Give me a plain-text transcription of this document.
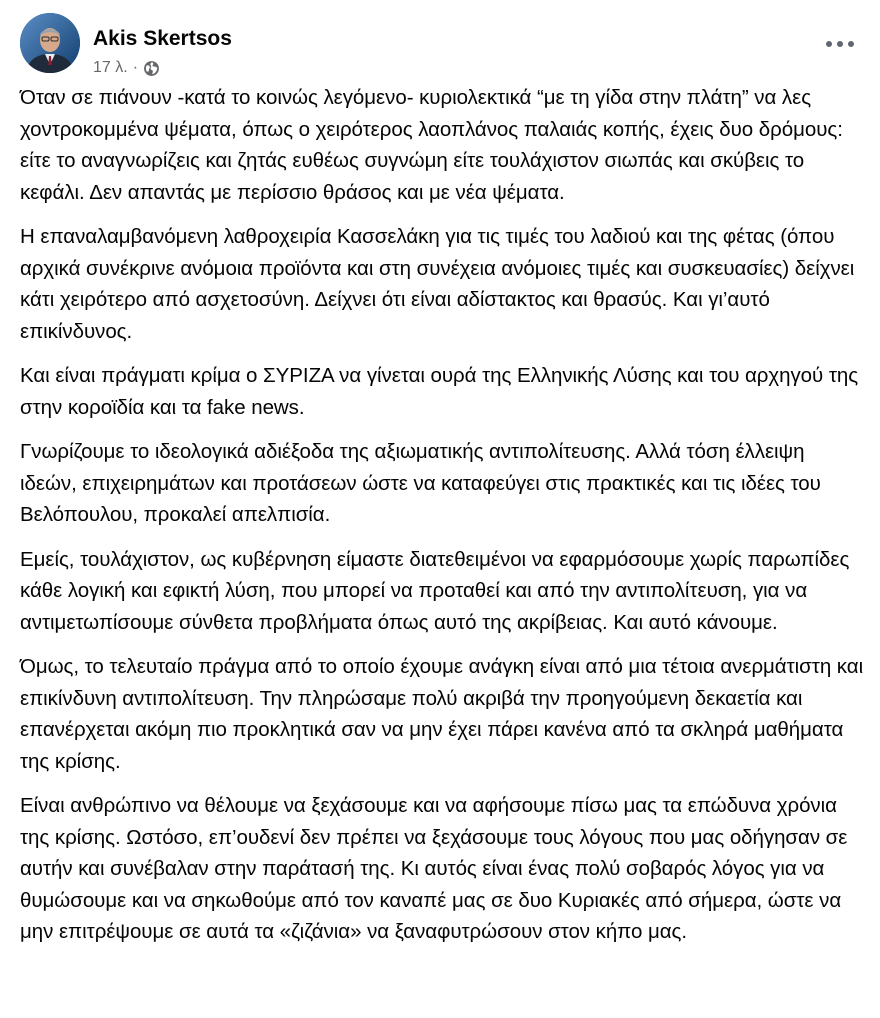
Akis Skertsos
17 λ. ·

Όταν σε πιάνουν -κατά το κοινώς λεγόμενο- κυριολεκτικά “με τη γίδα στην πλάτη” να λες χοντροκομμένα ψέματα, όπως ο χειρότερος λαοπλάνος παλαιάς κοπής, έχεις δυο δρόμους: είτε το αναγνωρίζεις και ζητάς ευθέως συγνώμη είτε τουλάχιστον σιωπάς και σκύβεις το κεφάλι. Δεν απαντάς με περίσσιο θράσος και με νέα ψέματα.

Η επαναλαμβανόμενη λαθροχειρία Κασσελάκη για τις τιμές του λαδιού και της φέτας (όπου αρχικά συνέκρινε ανόμοια προϊόντα και στη συνέχεια ανόμοιες τιμές και συσκευασίες) δείχνει κάτι χειρότερο από ασχετοσύνη. Δείχνει ότι είναι αδίστακτος και θρασύς. Και γι’αυτό επικίνδυνος.

Και είναι πράγματι κρίμα ο ΣΥΡΙΖΑ να γίνεται ουρά της Ελληνικής Λύσης και του αρχηγού της στην κοροϊδία και τα fake news.

Γνωρίζουμε το ιδεολογικά αδιέξοδα της αξιωματικής αντιπολίτευσης. Αλλά τόση έλλειψη ιδεών, επιχειρημάτων και προτάσεων ώστε να καταφεύγει στις πρακτικές και τις ιδέες του Βελόπουλου, προκαλεί απελπισία.

Εμείς, τουλάχιστον, ως κυβέρνηση είμαστε διατεθειμένοι να εφαρμόσουμε χωρίς παρωπίδες κάθε λογική και εφικτή λύση, που μπορεί να προταθεί και από την αντιπολίτευση, για να αντιμετωπίσουμε σύνθετα προβλήματα όπως αυτό της ακρίβειας. Και αυτό κάνουμε.

Όμως, το τελευταίο πράγμα από το οποίο έχουμε ανάγκη είναι από μια τέτοια ανερμάτιστη και επικίνδυνη αντιπολίτευση. Την πληρώσαμε πολύ ακριβά την προηγούμενη δεκαετία και επανέρχεται ακόμη πιο προκλητικά σαν να μην έχει πάρει κανένα από τα σκληρά μαθήματα της κρίσης.

Είναι ανθρώπινο να θέλουμε να ξεχάσουμε και να αφήσουμε πίσω μας τα επώδυνα χρόνια της κρίσης. Ωστόσο, επ’ουδενί δεν πρέπει να ξεχάσουμε τους λόγους που μας οδήγησαν σε αυτήν και συνέβαλαν στην παράτασή της. Κι αυτός είναι ένας πολύ σοβαρός λόγος για να θυμώσουμε και να σηκωθούμε από τον καναπέ μας σε δυο Κυριακές από σήμερα, ώστε να μην επιτρέψουμε σε αυτά τα «ζιζάνια» να ξαναφυτρώσουν στον κήπο μας.
